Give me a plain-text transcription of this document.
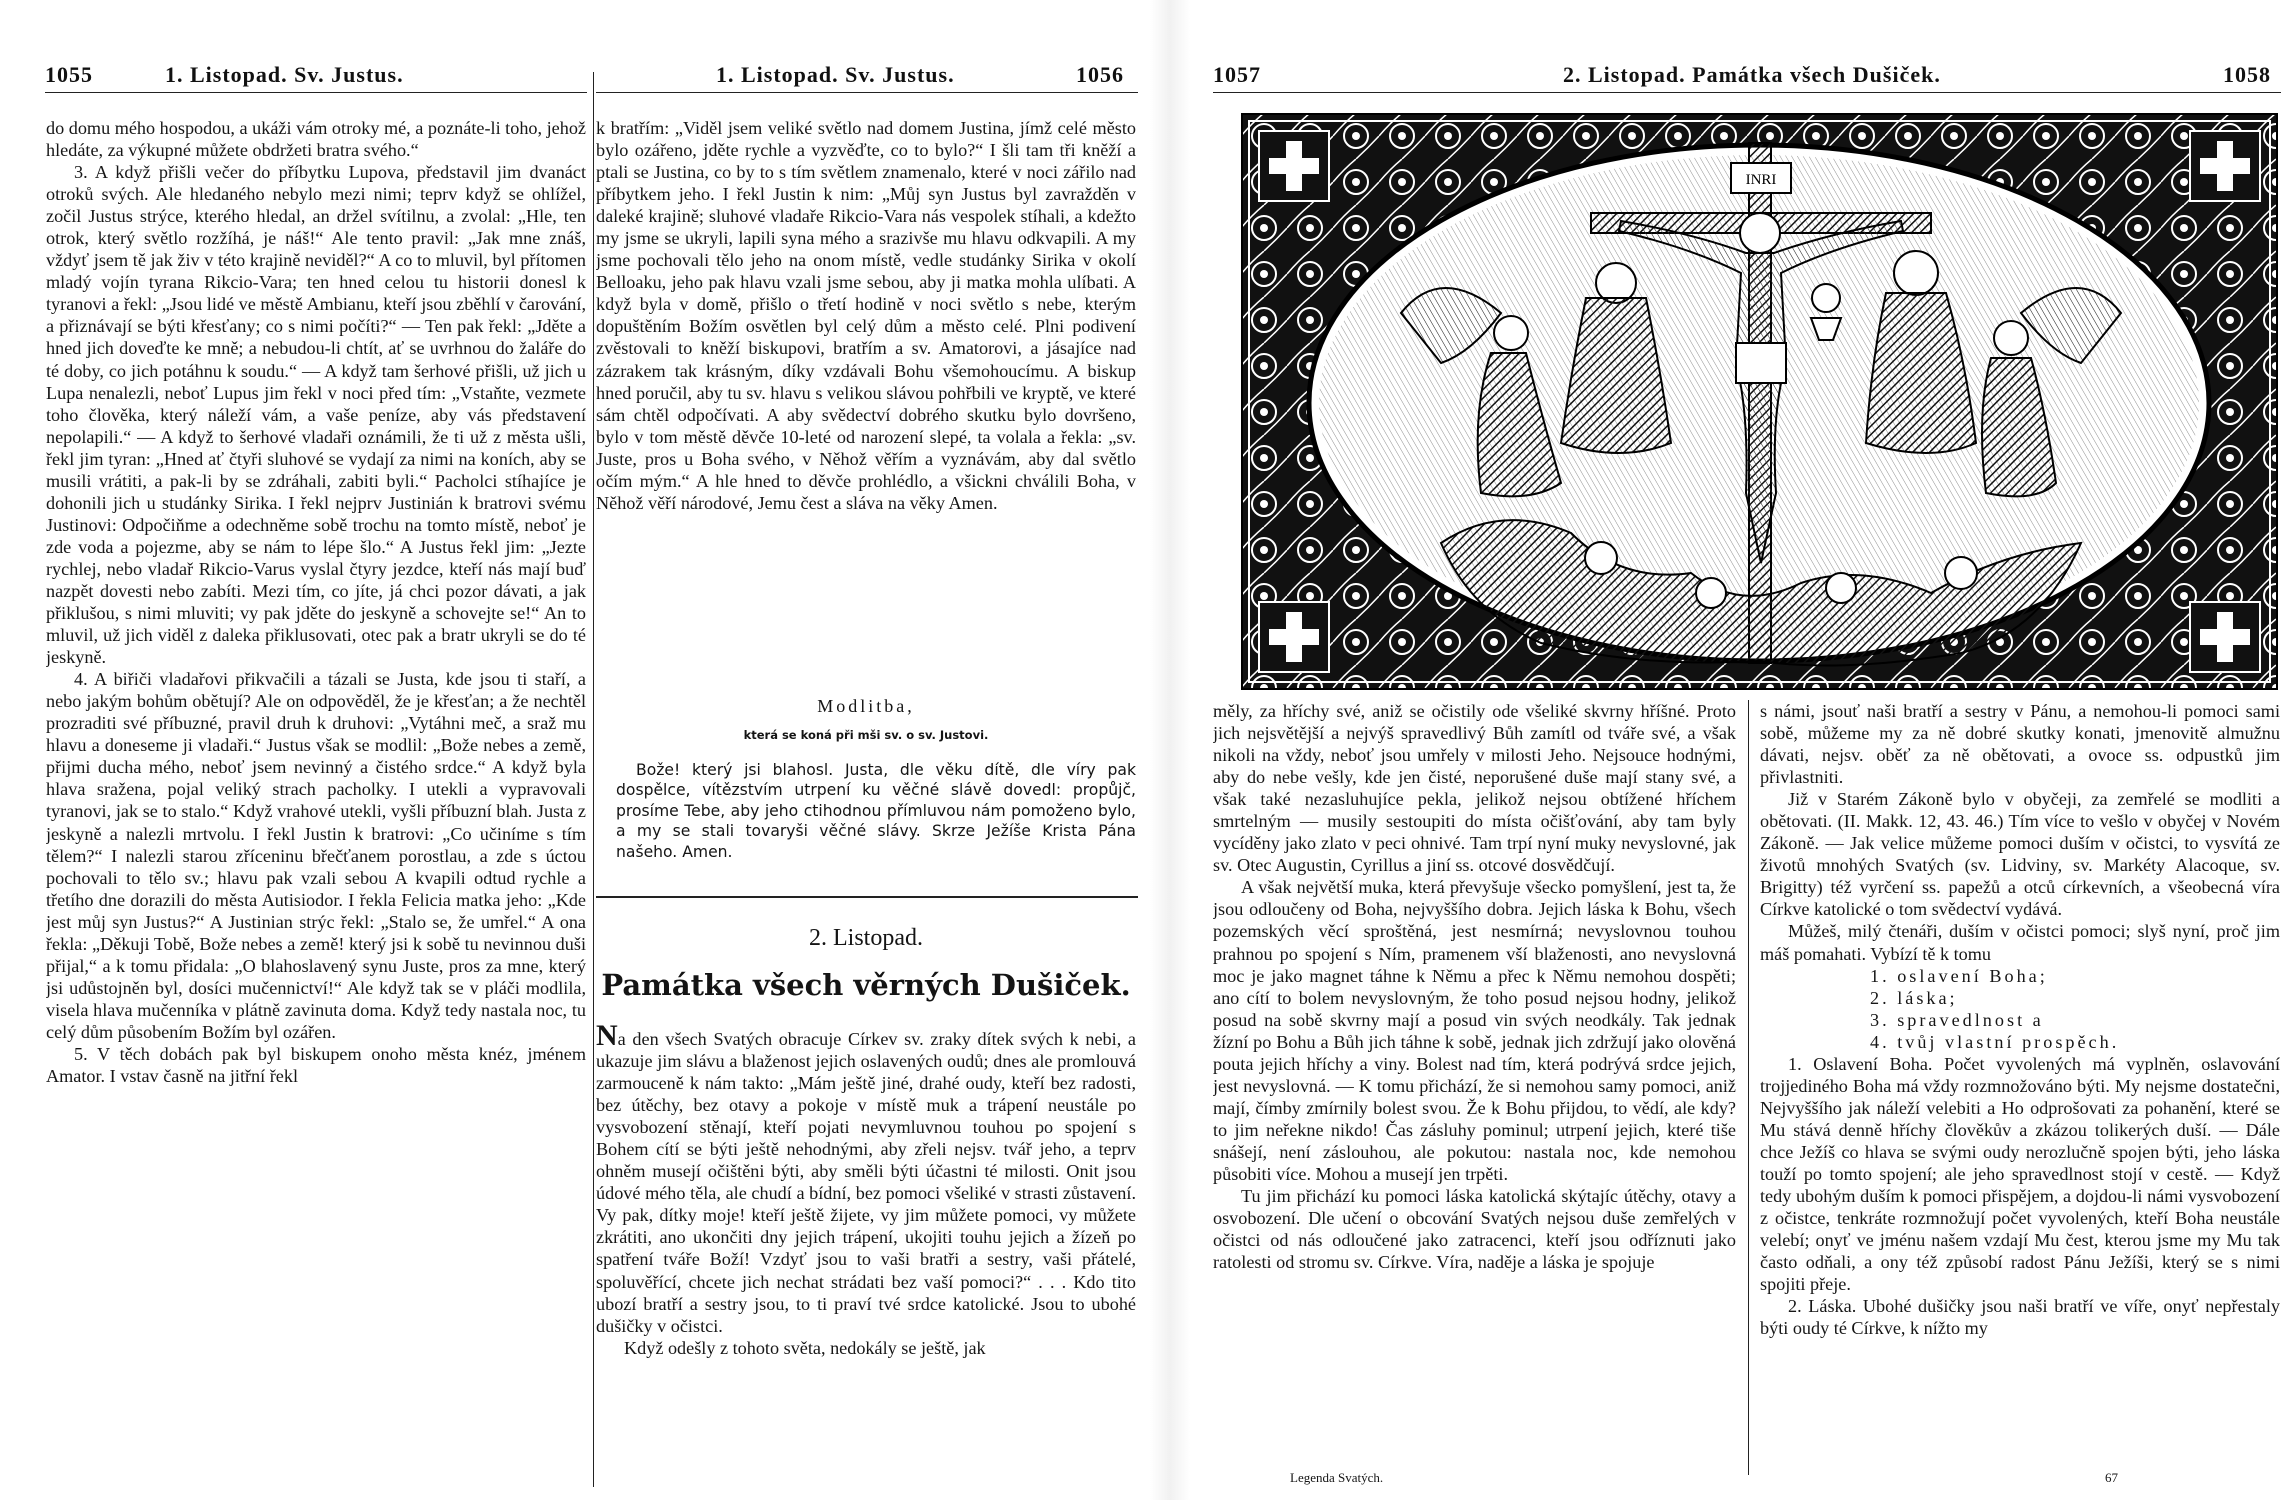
1055	1. Listopad. Sv. Justus.

do domu mého hospodou, a ukáži vám otroky mé, a poznáte-li toho, jehož hledáte, za výkupné můžete obdržeti bratra svého.“

3. A když přišli večer do příbytku Lupova, představil jim dvanáct otroků svých. Ale hledaného nebylo mezi nimi; teprv když se ohlížel, zočil Justus strýce, kterého hledal, an držel svítilnu, a zvolal: „Hle, ten otrok, který světlo rozžíhá, je náš!“ Ale tento pravil: „Jak mne znáš, vždyť jsem tě jak živ v této krajině neviděl?“ A co to mluvil, byl přítomen mladý vojín tyrana Rikcio-Vara; ten hned celou tu historii donesl k tyranovi a řekl: „Jsou lidé ve městě Ambianu, kteří jsou zběhlí v čarování, a přiznávají se býti křesťany; co s nimi počíti?“ — Ten pak řekl: „Jděte a hned jich doveďte ke mně; a nebudou-li chtít, ať se uvrhnou do žaláře do té doby, co jich potáhnu k soudu.“ — A když tam šerhové přišli, už jich u Lupa nenalezli, neboť Lupus jim řekl v noci před tím: „Vstaňte, vezmete toho člověka, který náleží vám, a vaše peníze, aby vás představení nepolapili.“ — A když to šerhové vladaři oznámili, že ti už z města ušli, řekl jim tyran: „Hned ať čtyři sluhové se vydají za nimi na koních, aby se musili vrátiti, a pak-li by se zdráhali, zabiti byli.“ Pacholci stíhajíce je dohonili jich u studánky Sirika. I řekl nejprv Justinián k bratrovi svému Justinovi: Odpočiňme a odechněme sobě trochu na tomto místě, neboť je zde voda a pojezme, aby se nám to lépe šlo.“ A Justus řekl jim: „Jezte rychlej, nebo vladař Rikcio-Varus vyslal čtyry jezdce, kteří nás mají buď nazpět dovesti nebo zabíti. Mezi tím, co jíte, já chci pozor dávati, a jak přiklušou, s nimi mluviti; vy pak jděte do jeskyně a schovejte se!“ An to mluvil, už jich viděl z daleka přiklusovati, otec pak a bratr ukryli se do té jeskyně.

4. A biřiči vladařovi přikvačili a tázali se Justa, kde jsou ti staří, a nebo jakým bohům obětují? Ale on odpověděl, že je křesťan; a že nechtěl prozraditi své příbuzné, pravil druh k druhovi: „Vytáhni meč, a sraž mu hlavu a doneseme ji vladaři.“ Justus však se modlil: „Bože nebes a země, přijmi ducha mého, neboť jsem nevinný a čistého srdce.“ A když byla hlava sražena, pojal veliký strach pacholky. I utekli a vypravovali tyranovi, jak se to stalo.“ Když vrahové utekli, vyšli příbuzní blah. Justa z jeskyně a nalezli mrtvolu. I řekl Justin k bratrovi: „Co učiníme s tím tělem?“ I nalezli starou zříceninu břečťanem porostlau, a zde s úctou pochovali to tělo sv.; hlavu pak vzali sebou A kvapili odtud rychle a třetího dne dorazili do města Autisiodor. I řekla Felicia matka jeho: „Kde jest můj syn Justus?“ A Justinian strýc řekl: „Stalo se, že umřel.“ A ona řekla: „Děkuji Tobě, Bože nebes a země! který jsi k sobě tu nevinnou duši přijal,“ a k tomu přidala: „O blahoslavený synu Juste, pros za mne, který jsi udůstojněn byl, dosíci mučennictví!“ Ale když tak se v pláči modlila, visela hlava mučenníka v plátně zavinuta doma. Když tedy nastala noc, tu celý dům působením Božím byl ozářen.

5. V těch dobách pak byl biskupem onoho města knéz, jménem Amator. I vstav časně na jitřní řekl

1. Listopad. Sv. Justus.	1056

k bratřím: „Viděl jsem veliké světlo nad domem Justina, jímž celé město bylo ozářeno, jděte rychle a vyzvěďte, co to bylo?“ I šli tam tři kněží a ptali se Justina, co by to s tím světlem znamenalo, které v noci zářilo nad příbytkem jeho. I řekl Justin k nim: „Můj syn Justus byl zavražděn v daleké krajině; sluhové vladaře Rikcio-Vara nás vespolek stíhali, a kdežto my jsme se ukryli, lapili syna mého a srazivše mu hlavu odkvapili. A my jsme pochovali tělo jeho na onom místě, vedle studánky Sirika v okolí Belloaku, jeho pak hlavu vzali jsme sebou, aby ji matka mohla ulíbati. A když byla v domě, přišlo o třetí hodině v noci světlo s nebe, kterým dopuštěním Božím osvětlen byl celý dům a město celé. Plni podivení zvěstovali to kněží biskupovi, bratřím a sv. Amatorovi, a jásajíce nad zázrakem tak krásným, díky vzdávali Bohu všemohoucímu. A biskup hned poručil, aby tu sv. hlavu s velikou slávou pohřbili ve kryptě, ve které sám chtěl odpočívati. A aby svědectví dobrého skutku bylo dovršeno, bylo v tom městě děvče 10-leté od narození slepé, ta volala a řekla: „sv. Juste, pros u Boha svého, v Něhož věřím a vyznávám, aby dal světlo očím mým.“ A hle hned to děvče prohlédlo, a všickni chválili Boha, v Něhož věří národové, Jemu čest a sláva na věky Amen.

Modlitba,
která se koná při mši sv. o sv. Justovi.
Bože! který jsi blahosl. Justa, dle věku dítě, dle víry pak dospělce, vítězstvím utrpení ku věčné slávě dovedl: propůjč, prosíme Tebe, aby jeho ctihodnou přímluvou nám pomoženo bylo, a my se stali tovaryši věčné slávy. Skrze Ježíše Krista Pána našeho. Amen.
2. Listopad.
Památka všech věrných Dušiček.

Na den všech Svatých obracuje Církev sv. zraky dítek svých k nebi, a ukazuje jim slávu a blaženost jejich oslavených oudů; dnes ale promlouvá zarmouceně k nám takto: „Mám ještě jiné, drahé oudy, kteří bez radosti, bez útěchy, bez otavy a pokoje v místě muk a trápení neustále po vysvobození stěnají, kteří pojati nevymluvnou touhou po spojení s Bohem cítí se býti ještě nehodnými, aby zřeli nejsv. tvář jeho, a teprv ohněm musejí očištěni býti, aby směli býti účastni té milosti. Onit jsou údové mého těla, ale chudí a bídní, bez pomoci všeliké v strasti zůstavení. Vy pak, dítky moje! kteří ještě žijete, vy jim můžete pomoci, vy můžete zkrátiti, ano ukončiti dny jejich trápení, ukojiti touhu jejich a žízeň po spatření tváře Boží! Vzdyť jsou to vaši bratři a sestry, vaši přátelé, spoluvěřící, chcete jich nechat strádati bez vaší pomoci?“ . . . Kdo tito ubozí bratří a sestry jsou, to ti praví tvé srdce katolické. Jsou to ubohé dušičky v očistci.

Když odešly z tohoto světa, nedokály se ještě, jak

1057	2. Listopad. Památka všech Dušiček.	1058
INRI

měly, za hříchy své, aniž se očistily ode všeliké skvrny hříšné. Proto jich nejsvětější a nejvýš spravedlivý Bůh zamítl od tváře své, a však nikoli na vždy, neboť jsou umřely v milosti Jeho. Nejsouce hodnými, aby do nebe vešly, kde jen čisté, neporušené duše mají stany své, a však také nezasluhujíce pekla, jelikož nejsou obtížené hříchem smrtelným — musily sestoupiti do místa očišťování, aby tam byly vycíděny jako zlato v peci ohnivé. Tam trpí nyní muky nevyslovné, jak sv. Otec Augustin, Cyrillus a jiní ss. otcové dosvědčují.

A však největší muka, která převyšuje všecko pomyšlení, jest ta, že jsou odloučeny od Boha, nejvyššího dobra. Jejich láska k Bohu, všech pozemských věcí sproštěná, jest nesmírná; nevyslovnou touhou prahnou po spojení s Ním, pramenem vší blaženosti, ano nevyslovná moc je jako magnet táhne k Němu a přec k Němu nemohou dospěti; ano cítí to bolem nevyslovným, že toho posud nejsou hodny, jelikož posud na sobě skvrny mají a posud vin svých neodkály. Tak jednak žízní po Bohu a Bůh jich táhne k sobě, jednak jich zdržují jako olověná pouta jejich hříchy a viny. Bolest nad tím, která podrývá srdce jejich, jest nevyslovná. — K tomu přichází, že si nemohou samy pomoci, aniž mají, čímby zmírnily bolest svou. Že k Bohu přijdou, to vědí, ale kdy? to jim neřekne nikdo! Čas zásluhy pominul; utrpení jejich, které tiše snášejí, není záslouhou, ale pokutou: nastala noc, kde nemohou působiti více. Mohou a musejí jen trpěti.

Tu jim přichází ku pomoci láska katolická skýtajíc útěchy, otavy a osvobození. Dle učení o obcování Svatých nejsou duše zemřelých v očistci od nás odloučené jako zatracenci, kteří jsou odříznuti jako ratolesti od stromu sv. Církve. Víra, naděje a láska je spojuje

Legenda Svatých.

s námi, jsouť naši bratří a sestry v Pánu, a nemohou-li pomoci sami sobě, můžeme my za ně dobré skutky konati, jmenovitě almužnu dávati, nejsv. oběť za ně obětovati, a ovoce ss. odpustků jim přivlastniti.

Již v Starém Zákoně bylo v obyčeji, za zemřelé se modliti a obětovati. (II. Makk. 12, 43. 46.) Tím více to vešlo v obyčej v Novém Zákoně. — Jak velice můžeme pomoci duším v očistci, to vysvítá ze životů mnohých Svatých (sv. Lidviny, sv. Markéty Alacoque, sv. Brigitty) též vyrčení ss. papežů a otců církevních, a všeobecná víra Církve katolické o tom svědectví vydává.

Můžeš, milý čtenáři, duším v očistci pomoci; slyš nyní, proč jim máš pomahati. Vybízí tě k tomu

1. oslavení Boha;
2. láska;
3. spravedlnost a
4. tvůj vlastní prospěch.

1. Oslavení Boha. Počet vyvolených má vyplněn, oslavování trojjediného Boha má vždy rozmnožováno býti. My nejsme dostatečni, Nejvyššího jak náleží velebiti a Ho odprošovati za pohanění, které se Mu stává denně hříchy člověkův a zkázou tolikerých duší. — Dále chce Ježíš co hlava se svými oudy nerozlučně spojen býti, jeho láska touží po tomto spojení; ale jeho spravedlnost stojí v cestě. — Když tedy ubohým duším k pomoci přispějem, a dojdou-li námi vysvobození z očistce, tenkráte rozmnožují počet vyvolených, kteří Boha neustále velebí; onyť ve jménu našem vzdají Mu čest, kterou jsme my Mu tak často odňali, a ony též způsobí radost Pánu Ježíši, který se s nimi spojiti přeje.

2. Láska. Ubohé dušičky jsou naši bratří ve víře, onyť nepřestaly býti oudy té Církve, k nížto my

67
